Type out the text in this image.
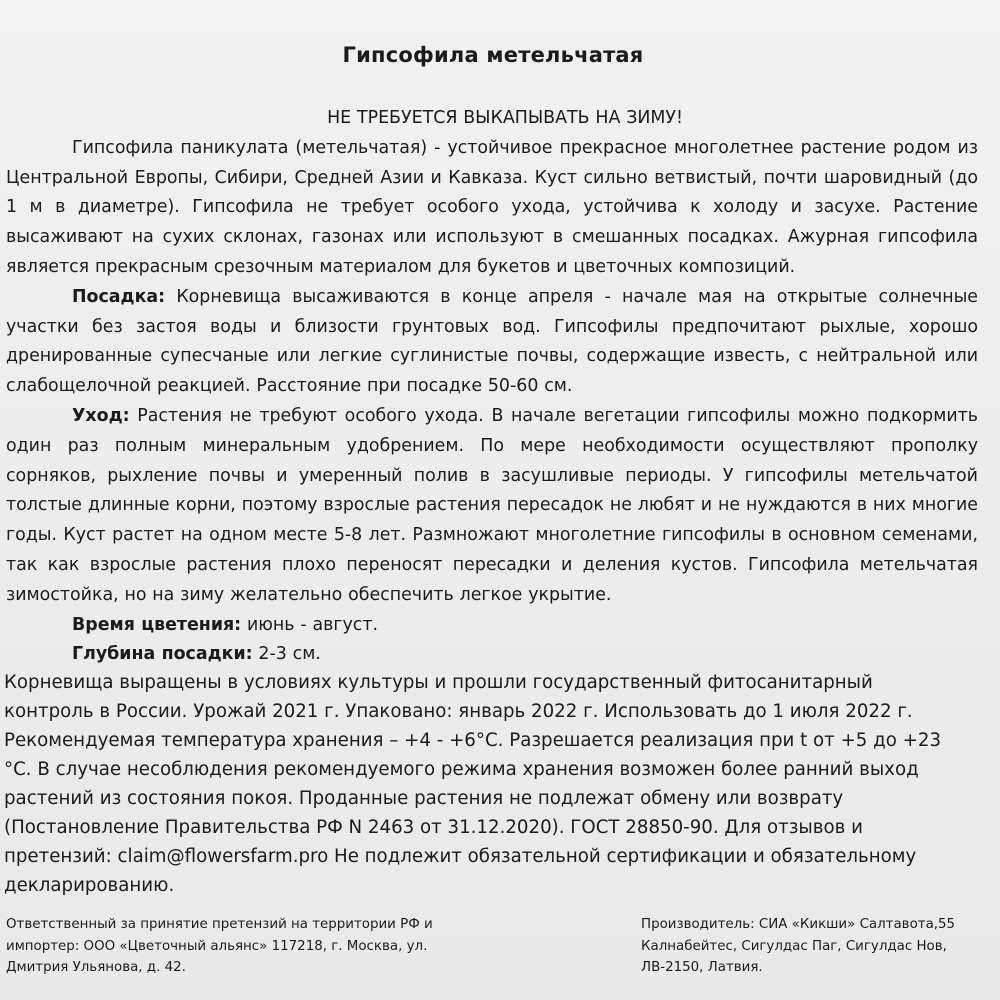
Гипсофила метельчатая

НЕ ТРЕБУЕТСЯ ВЫКАПЫВАТЬ НА ЗИМУ!

Гипсофила паникулата (метельчатая) - устойчивое прекрасное многолетнее растение родом из Центральной Европы, Сибири, Средней Азии и Кавказа. Куст сильно ветвистый, почти шаровидный (до 1 м в диаметре). Гипсофила не требует особого ухода, устойчива к холоду и засухе. Растение высаживают на сухих склонах, газонах или используют в смешанных посадках. Ажурная гипсофила является прекрасным срезочным материалом для букетов и цветочных композиций.

Посадка: Корневища высаживаются в конце апреля - начале мая на открытые солнечные участки без застоя воды и близости грунтовых вод. Гипсофилы предпочитают рыхлые, хорошо дренированные супесчаные или легкие суглинистые почвы, содержащие известь, с нейтральной или слабощелочной реакцией. Расстояние при посадке 50-60 см.

Уход: Растения не требуют особого ухода. В начале вегетации гипсофилы можно подкормить один раз полным минеральным удобрением. По мере необходимости осуществляют прополку сорняков, рыхление почвы и умеренный полив в засушливые периоды. У гипсофилы метельчатой толстые длинные корни, поэтому взрослые растения пересадок не любят и не нуждаются в них многие годы. Куст растет на одном месте 5-8 лет. Размножают многолетние гипсофилы в основном семенами, так как взрослые растения плохо переносят пересадки и деления кустов. Гипсофила метельчатая зимостойка, но на зиму желательно обеспечить легкое укрытие.

Время цветения: июнь - август.

Глубина посадки: 2-3 см.

Корневища выращены в условиях культуры и прошли государственный фитосанитарный контроль в России. Урожай 2021 г. Упаковано: январь 2022 г. Использовать до 1 июля 2022 г. Рекомендуемая температура хранения – +4 - +6°С. Разрешается реализация при t от +5 до +23 °С. В случае несоблюдения рекомендуемого режима хранения возможен более ранний выход растений из состояния покоя. Проданные растения не подлежат обмену или возврату (Постановление Правительства РФ N 2463 от 31.12.2020). ГОСТ 28850-90. Для отзывов и претензий: claim@flowersfarm.pro Не подлежит обязательной сертификации и обязательному декларированию.

Ответственный за принятие претензий на территории РФ и импортер: ООО «Цветочный альянс» 117218, г. Москва, ул. Дмитрия Ульянова, д. 42.

Производитель: СИА «Кикши» Салтавота,55 Калнабейтес, Сигулдас Паг, Сигулдас Нов, ЛВ-2150, Латвия.
